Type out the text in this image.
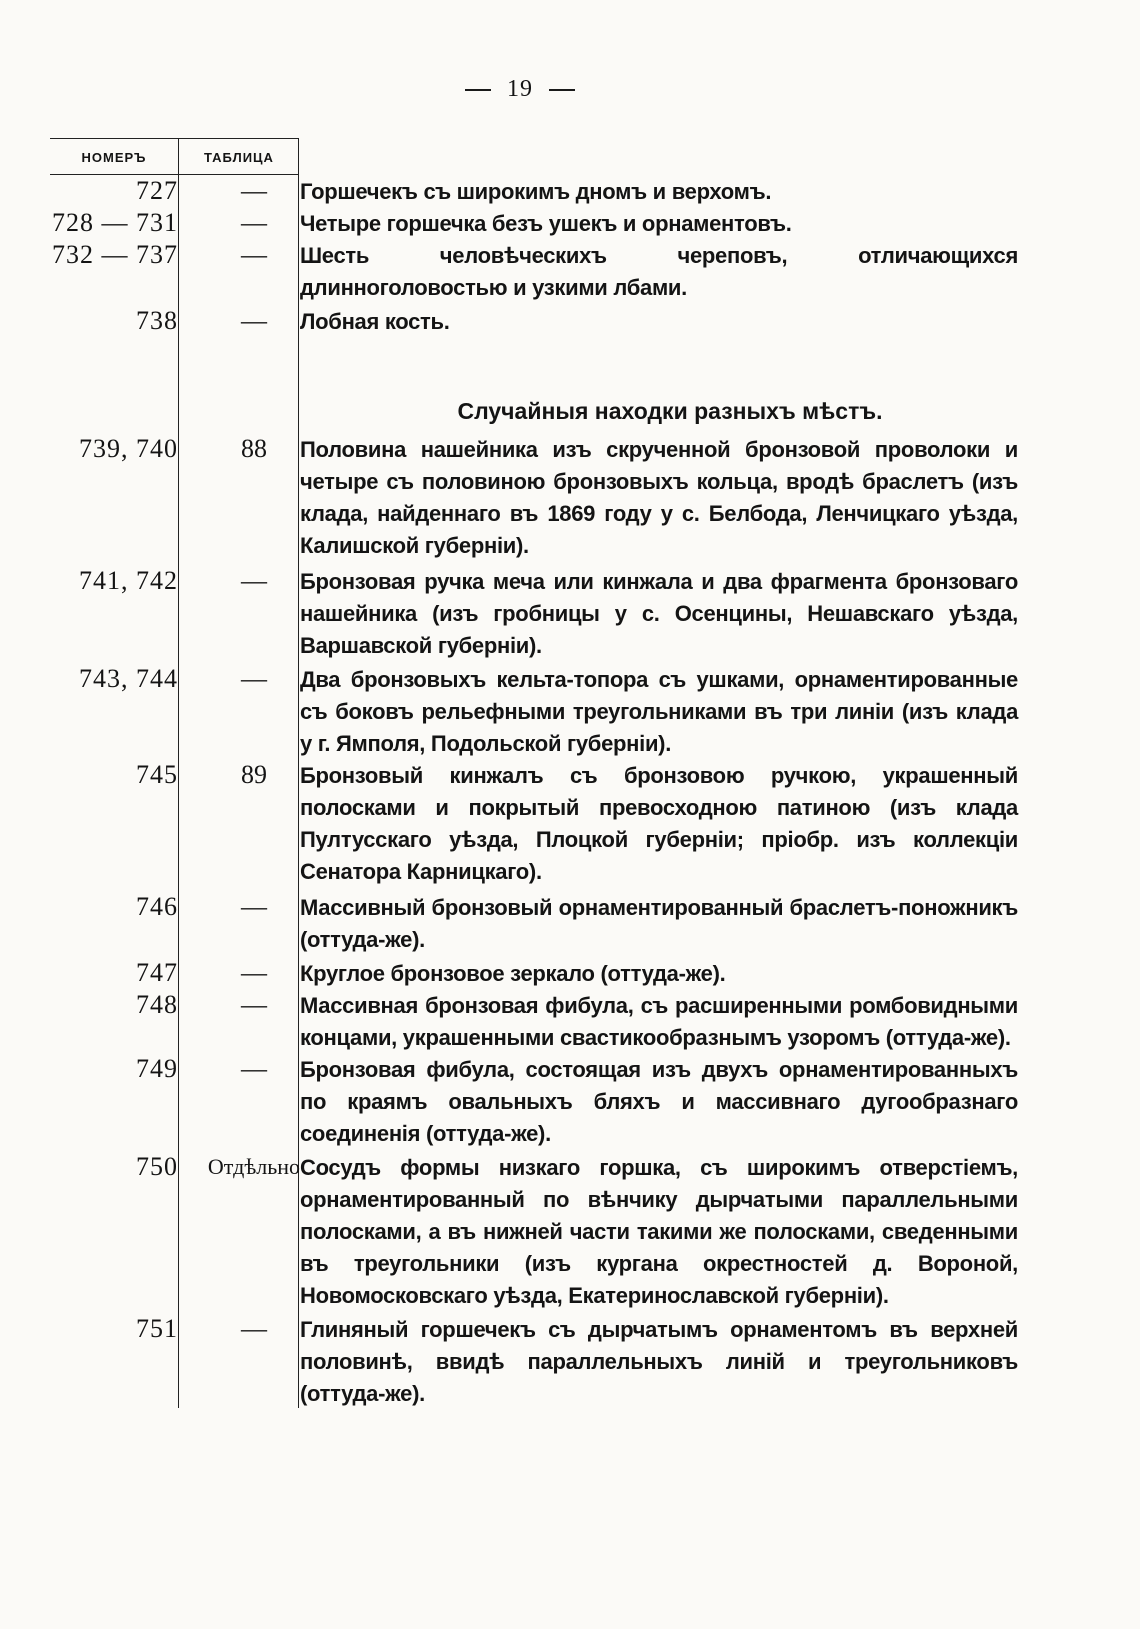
19
НОМЕРЪ	ТАБЛИЦА
727	—	Горшечекъ съ широкимъ дномъ и верхомъ.
728 — 731	—	Четыре горшечка безъ ушекъ и орнаментовъ.
732 — 737	—	Шесть человѣческихъ череповъ, отличающихся длинноголовостью и узкими лбами.
738	—	Лобная кость.
Случайныя находки разныхъ мѣстъ.
739, 740	88	Половина нашейника изъ скрученной бронзовой проволоки и четыре съ половиною бронзовыхъ кольца, вродѣ браслетъ (изъ клада, найденнаго въ 1869 году у с. Белбода, Ленчицкаго уѣзда, Калишской губерніи).
741, 742	—	Бронзовая ручка меча или кинжала и два фрагмента бронзоваго нашейника (изъ гробницы у с. Осенцины, Нешавскаго уѣзда, Варшавской губерніи).
743, 744	—	Два бронзовыхъ кельта-топора съ ушками, орнаментированные съ боковъ рельефными треугольниками въ три линіи (изъ клада у г. Ямполя, Подольской губерніи).
745	89	Бронзовый кинжалъ съ бронзовою ручкою, украшенный полосками и покрытый превосходною патиною (изъ клада Пултусскаго уѣзда, Плоцкой губерніи; пріобр. изъ коллекціи Сенатора Карницкаго).
746	—	Массивный бронзовый орнаментированный браслетъ-поножникъ (оттуда-же).
747	—	Круглое бронзовое зеркало (оттуда-же).
748	—	Массивная бронзовая фибула, съ расширенными ромбовидными концами, украшенными свастикообразнымъ узоромъ (оттуда-же).
749	—	Бронзовая фибула, состоящая изъ двухъ орнаментированныхъ по краямъ овальныхъ бляхъ и массивнаго дугообразнаго соединенія (оттуда-же).
750	Отдѣльно Сосудъ формы низкаго горшка, съ широкимъ отверстіемъ, орнаментированный по вѣнчику дырчатыми параллельными полосками, а въ нижней части такими же полосками, сведенными въ треугольники (изъ кургана окрестностей д. Вороной, Новомосковскаго уѣзда, Екатеринославской губерніи).
751	—	Глиняный горшечекъ съ дырчатымъ орнаментомъ въ верхней половинѣ, ввидѣ параллельныхъ линій и треугольниковъ (оттуда-же).
